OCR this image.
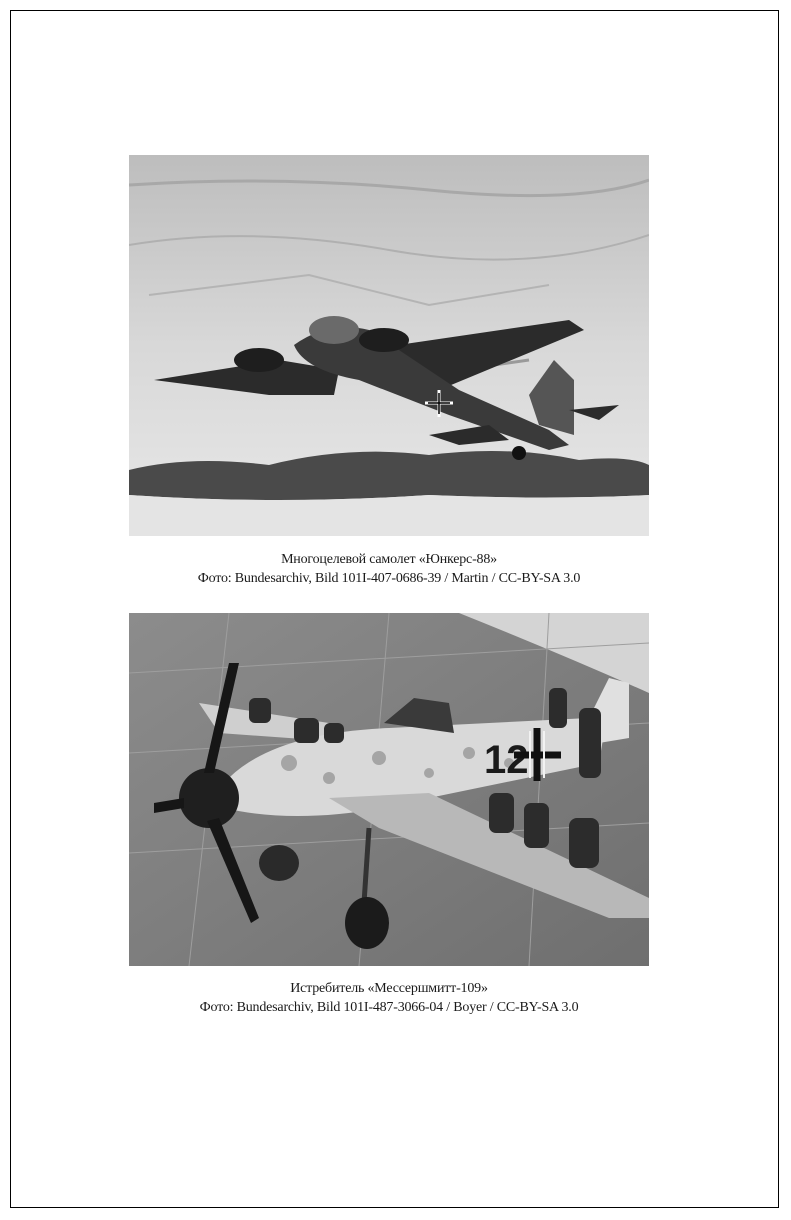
Многоцелевой самолет «Юнкерс-88»
Фото: Bundesarchiv, Bild 101I-407-0686-39 / Martin / CC-BY-SA 3.0
12
Истребитель «Мессершмитт-109»
Фото: Bundesarchiv, Bild 101I-487-3066-04 / Boyer / CC-BY-SA 3.0
